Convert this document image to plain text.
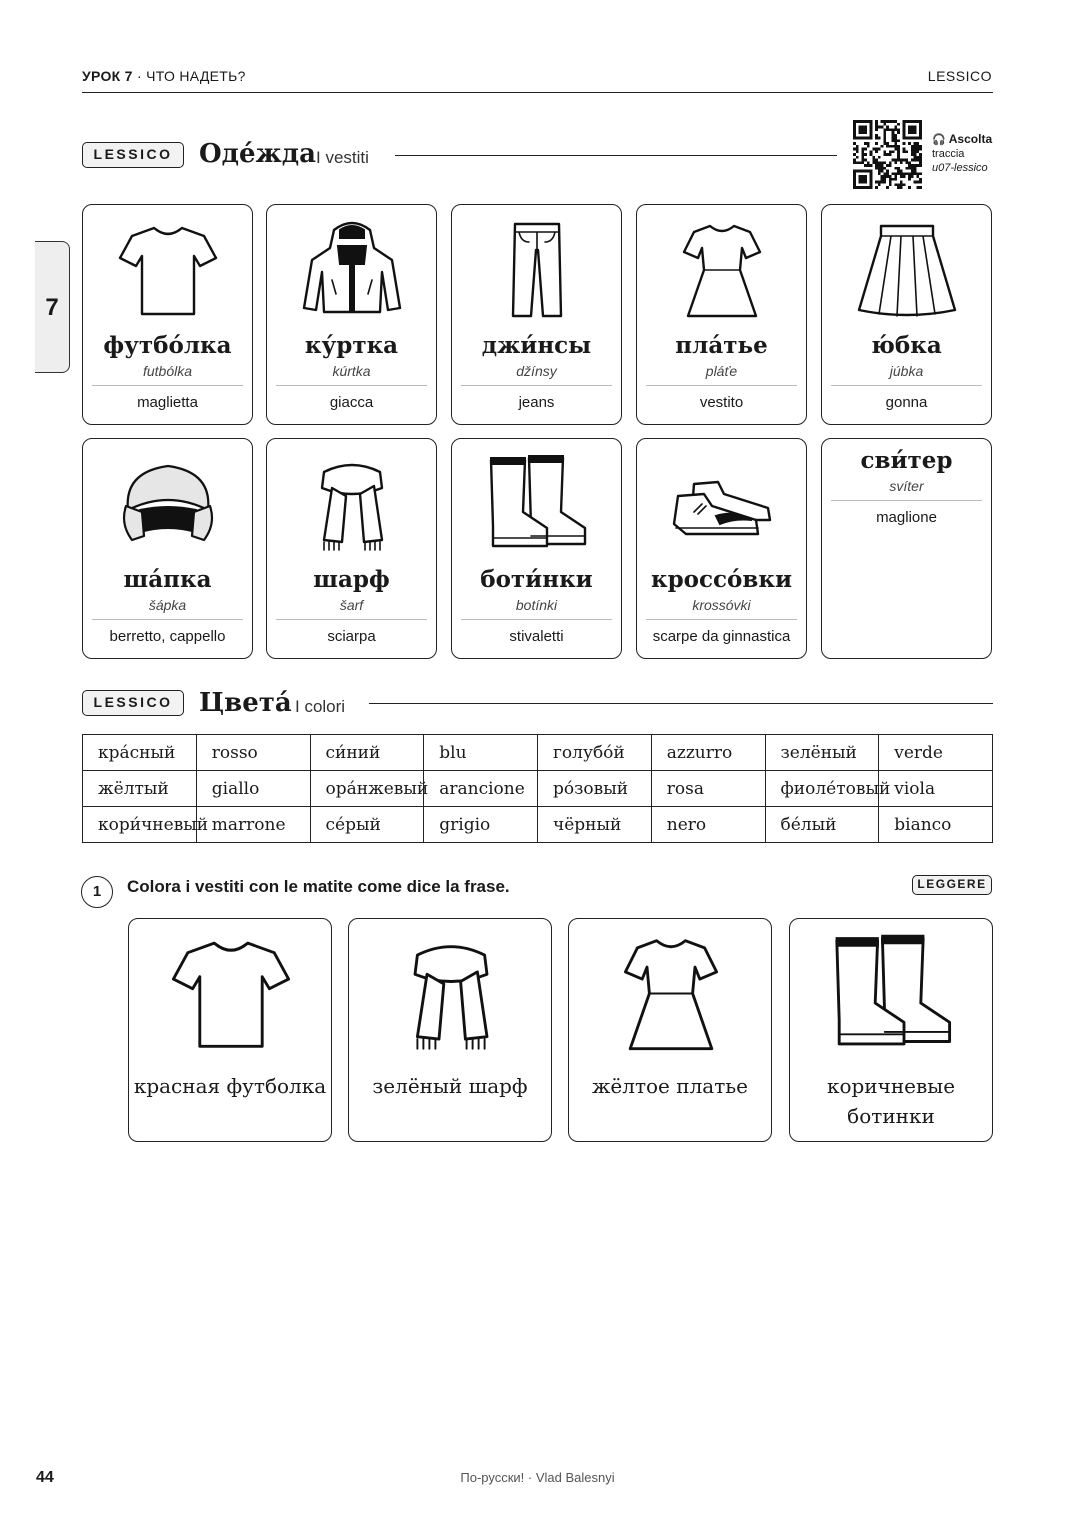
УРОК 7 · ЧТО НАДЕТЬ?	LESSICO
7
LESSICO	Оде́жда I vestiti
🎧 Ascolta
traccia
u07-lessico
футбо́лка
futbólka
maglietta
ку́ртка
kúrtka
giacca
джи́нсы
džínsy
jeans
пла́тье
pláťe
vestito
ю́бка
júbka
gonna
ша́пка
šápka
berretto, cappello
шарф
šarf
sciarpa
боти́нки
botínki
stivaletti
кроссо́вки
krossóvki
scarpe da ginnastica
сви́тер
svíter
maglione
LESSICO	Цвета́ I colori
кра́сный	rosso	си́ний	blu	голубо́й	azzurro	зелёный	verde
жёлтый	giallo	ора́нжевый	arancione	ро́зовый	rosa	фиоле́товый	viola
кори́чневый	marrone	се́рый	grigio	чёрный	nero	бе́лый	bianco
1	Colora i vestiti con le matite come dice la frase.	LEGGERE
красная футболка	зелёный шарф	жёлтое платье	коричневые ботинки
44	По-русски! · Vlad Balesnyi
